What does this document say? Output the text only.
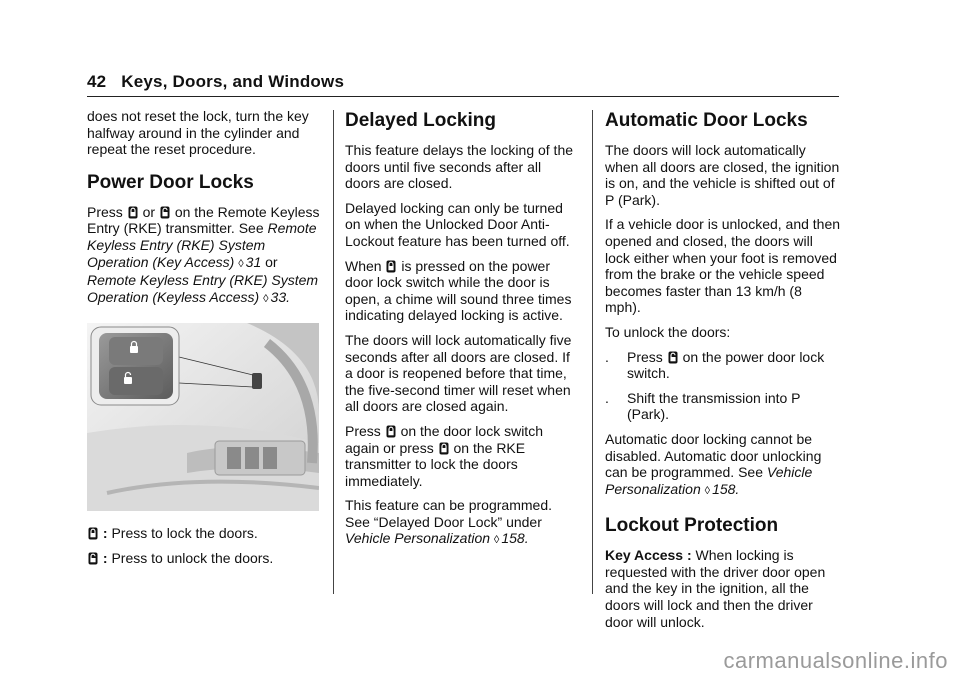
42 Keys, Doors, and Windows

does not reset the lock, turn the key halfway around in the cylinder and repeat the reset procedure.

Power Door Locks

Press or on the Remote Keyless Entry (RKE) transmitter. See Remote Keyless Entry (RKE) System Operation (Key Access) ◊ 31 or Remote Keyless Entry (RKE) System Operation (Keyless Access) ◊ 33.

: Press to lock the doors.

: Press to unlock the doors.

Delayed Locking

This feature delays the locking of the doors until five seconds after all doors are closed.

Delayed locking can only be turned on when the Unlocked Door Anti-Lockout feature has been turned off.

When is pressed on the power door lock switch while the door is open, a chime will sound three times indicating delayed locking is active.

The doors will lock automatically five seconds after all doors are closed. If a door is reopened before that time, the five-second timer will reset when all doors are closed again.

Press on the door lock switch again or press on the RKE transmitter to lock the doors immediately.

This feature can be programmed. See “Delayed Door Lock” under Vehicle Personalization ◊ 158.

Automatic Door Locks

The doors will lock automatically when all doors are closed, the ignition is on, and the vehicle is shifted out of P (Park).

If a vehicle door is unlocked, and then opened and closed, the doors will lock either when your foot is removed from the brake or the vehicle speed becomes faster than 13 km/h (8 mph).

To unlock the doors:

. Press on the power door lock switch.
. Shift the transmission into P (Park).

Automatic door locking cannot be disabled. Automatic door unlocking can be programmed. See Vehicle Personalization ◊ 158.

Lockout Protection

Key Access : When locking is requested with the driver door open and the key in the ignition, all the doors will lock and then the driver door will unlock.

carmanualsonline.info
